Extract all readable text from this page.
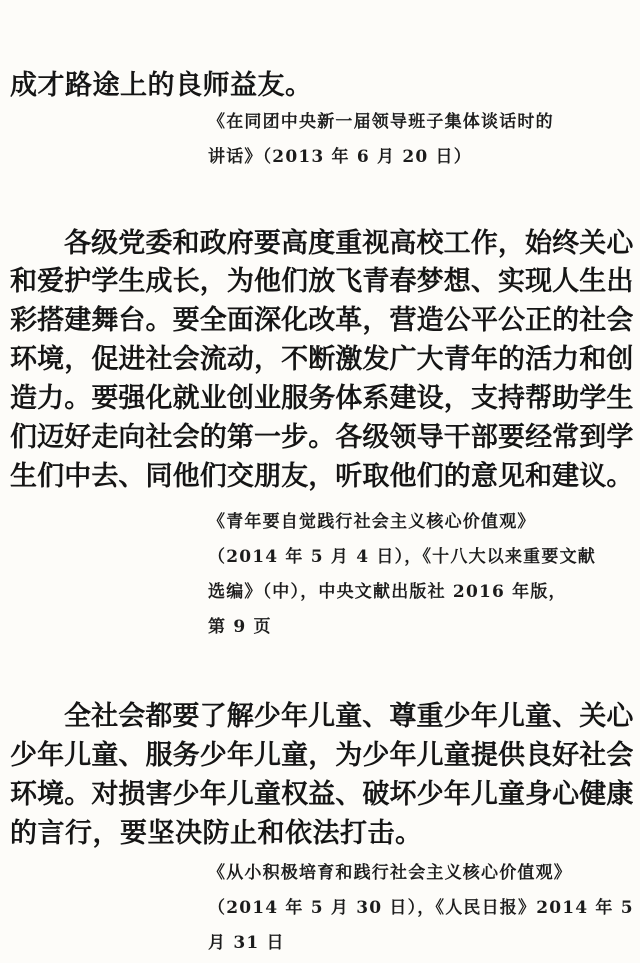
成才路途上的良师益友。
《在同团中央新一届领导班子集体谈话时的
讲话》（2013 年 6 月 20 日）
各级党委和政府要高度重视高校工作，始终关心
和爱护学生成长，为他们放飞青春梦想、实现人生出
彩搭建舞台。要全面深化改革，营造公平公正的社会
环境，促进社会流动，不断激发广大青年的活力和创
造力。要强化就业创业服务体系建设，支持帮助学生
们迈好走向社会的第一步。各级领导干部要经常到学
生们中去、同他们交朋友，听取他们的意见和建议。
《青年要自觉践行社会主义核心价值观》
（2014 年 5 月 4 日），《十八大以来重要文献
选编》（中），中央文献出版社 2016 年版，
第 9 页
全社会都要了解少年儿童、尊重少年儿童、关心
少年儿童、服务少年儿童，为少年儿童提供良好社会
环境。对损害少年儿童权益、破坏少年儿童身心健康
的言行，要坚决防止和依法打击。
《从小积极培育和践行社会主义核心价值观》
（2014 年 5 月 30 日），《人民日报》2014 年 5
月 31 日
